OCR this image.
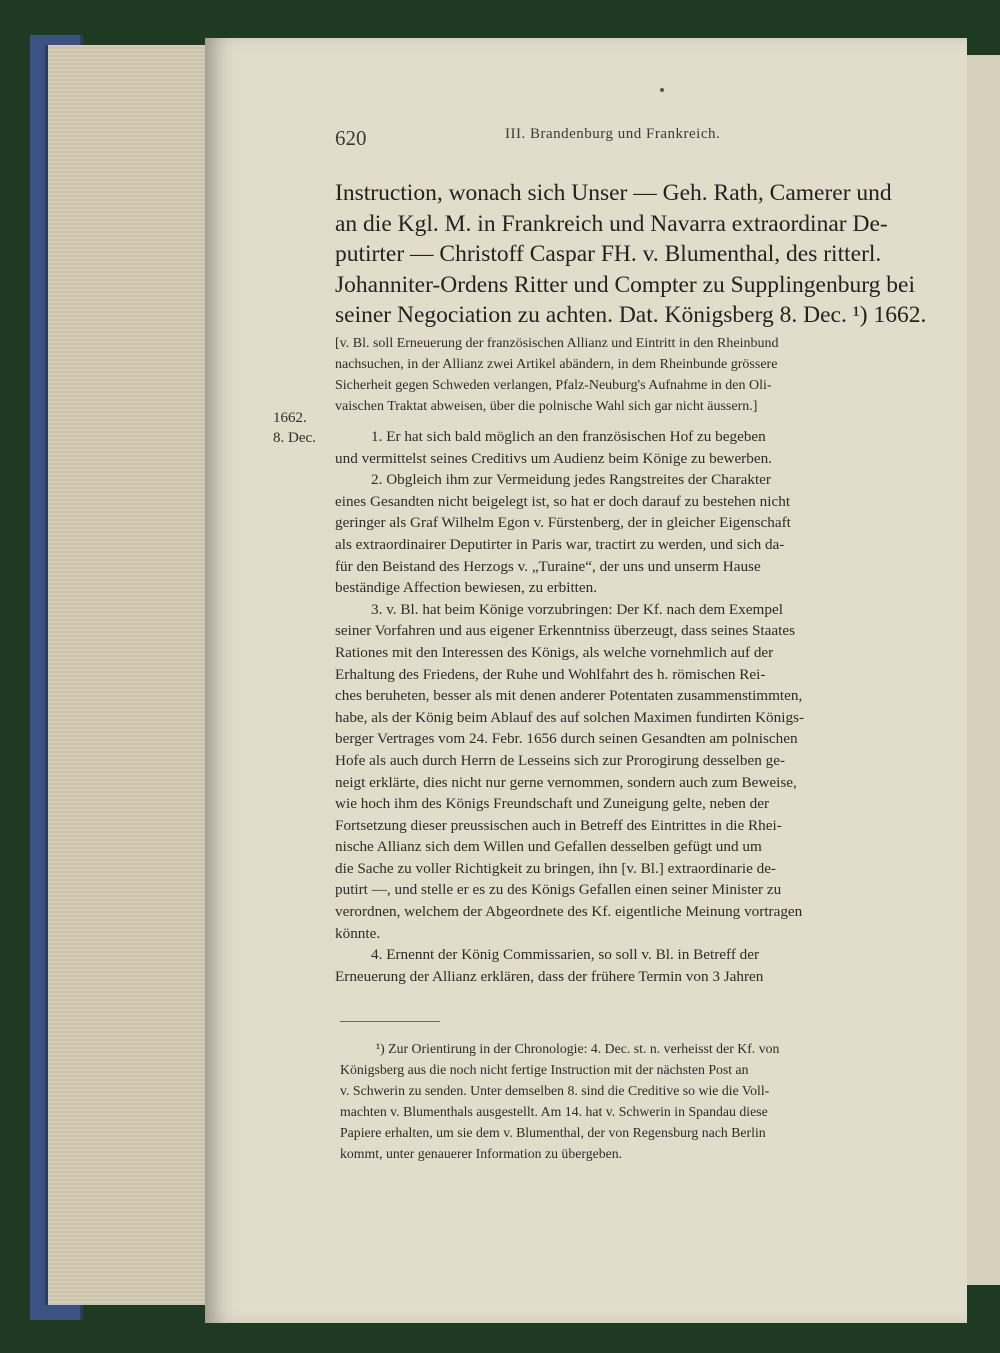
620	III. Brandenburg und Frankreich.
Instruction, wonach sich Unser — Geh. Rath, Camerer und
an die Kgl. M. in Frankreich und Navarra extraordinar De-
putirter — Christoff Caspar FH. v. Blumenthal, des ritterl.
Johanniter-Ordens Ritter und Compter zu Supplingenburg bei
seiner Negociation zu achten. Dat. Königsberg 8. Dec. ¹) 1662.
[v. Bl. soll Erneuerung der französischen Allianz und Eintritt in den Rheinbund
nachsuchen, in der Allianz zwei Artikel abändern, in dem Rheinbunde grössere
Sicherheit gegen Schweden verlangen, Pfalz-Neuburg's Aufnahme in den Oli-
vaischen Traktat abweisen, über die polnische Wahl sich gar nicht äussern.]
1662.
8. Dec.	1. Er hat sich bald möglich an den französischen Hof zu begeben
und vermittelst seines Creditivs um Audienz beim Könige zu bewerben.
2. Obgleich ihm zur Vermeidung jedes Rangstreites der Charakter
eines Gesandten nicht beigelegt ist, so hat er doch darauf zu bestehen nicht
geringer als Graf Wilhelm Egon v. Fürstenberg, der in gleicher Eigenschaft
als extraordinairer Deputirter in Paris war, tractirt zu werden, und sich da-
für den Beistand des Herzogs v. „Turaine“, der uns und unserm Hause
beständige Affection bewiesen, zu erbitten.
3. v. Bl. hat beim Könige vorzubringen: Der Kf. nach dem Exempel
seiner Vorfahren und aus eigener Erkenntniss überzeugt, dass seines Staates
Rationes mit den Interessen des Königs, als welche vornehmlich auf der
Erhaltung des Friedens, der Ruhe und Wohlfahrt des h. römischen Rei-
ches beruheten, besser als mit denen anderer Potentaten zusammenstimmten,
habe, als der König beim Ablauf des auf solchen Maximen fundirten Königs-
berger Vertrages vom 24. Febr. 1656 durch seinen Gesandten am polnischen
Hofe als auch durch Herrn de Lesseins sich zur Prorogirung desselben ge-
neigt erklärte, dies nicht nur gerne vernommen, sondern auch zum Beweise,
wie hoch ihm des Königs Freundschaft und Zuneigung gelte, neben der
Fortsetzung dieser preussischen auch in Betreff des Eintrittes in die Rhei-
nische Allianz sich dem Willen und Gefallen desselben gefügt und um
die Sache zu voller Richtigkeit zu bringen, ihn [v. Bl.] extraordinarie de-
putirt —, und stelle er es zu des Königs Gefallen einen seiner Minister zu
verordnen, welchem der Abgeordnete des Kf. eigentliche Meinung vortragen
könnte.
4. Ernennt der König Commissarien, so soll v. Bl. in Betreff der
Erneuerung der Allianz erklären, dass der frühere Termin von 3 Jahren
¹) Zur Orientirung in der Chronologie: 4. Dec. st. n. verheisst der Kf. von
Königsberg aus die noch nicht fertige Instruction mit der nächsten Post an
v. Schwerin zu senden. Unter demselben 8. sind die Creditive so wie die Voll-
machten v. Blumenthals ausgestellt. Am 14. hat v. Schwerin in Spandau diese
Papiere erhalten, um sie dem v. Blumenthal, der von Regensburg nach Berlin
kommt, unter genauerer Information zu übergeben.
